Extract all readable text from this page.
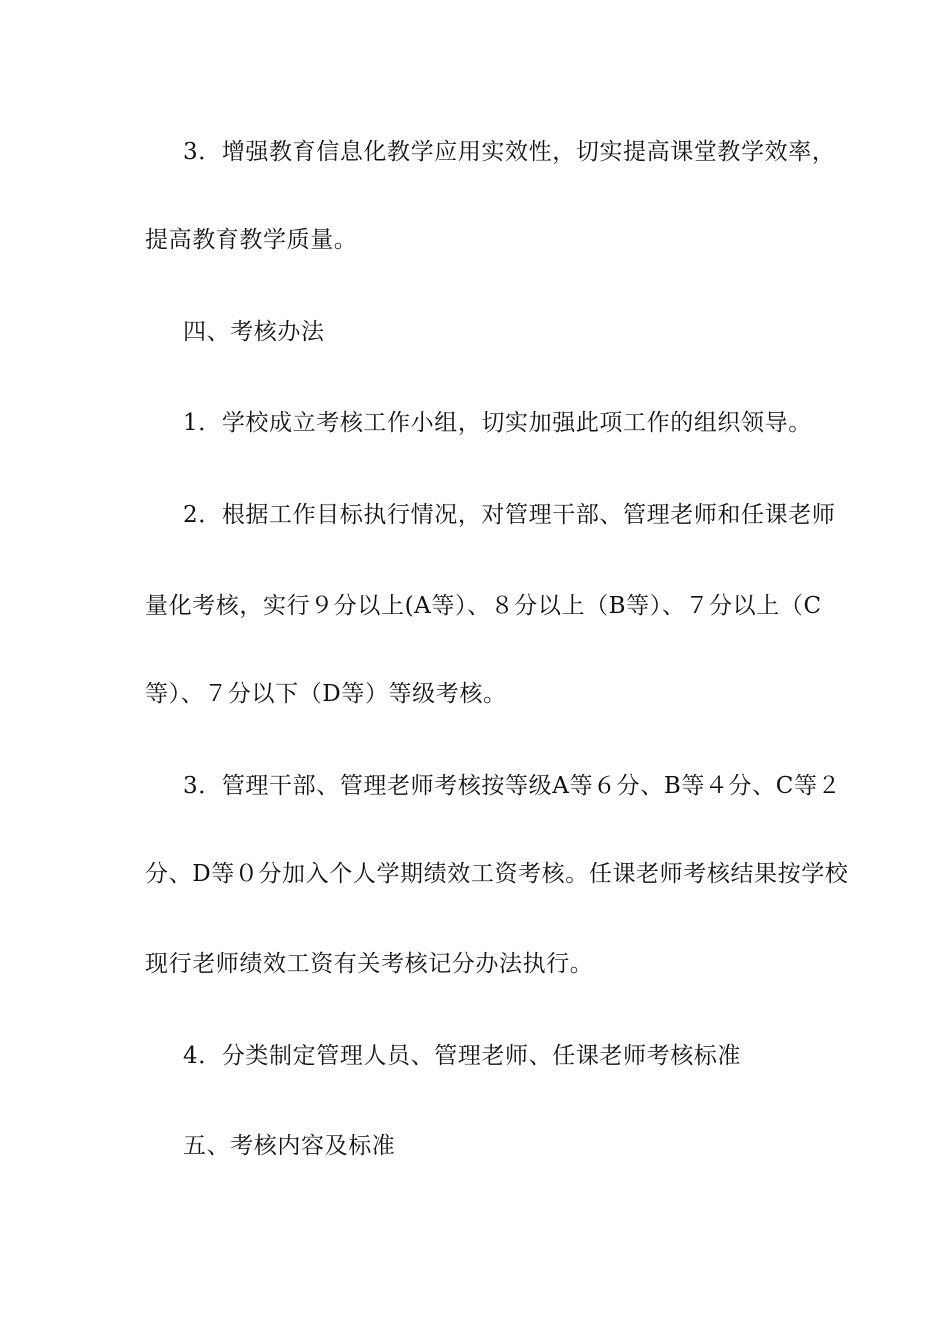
3．增强教育信息化教学应用实效性，切实提高课堂教学效率，
提高教育教学质量。
四、考核办法
1．学校成立考核工作小组，切实加强此项工作的组织领导。
2．根据工作目标执行情况，对管理干部、管理老师和任课老师
量化考核，实行９分以上(A等）、８分以上（B等）、７分以上（C
等）、７分以下（D等）等级考核。
3．管理干部、管理老师考核按等级A等６分、B等４分、C等２
分、D等０分加入个人学期绩效工资考核。任课老师考核结果按学校
现行老师绩效工资有关考核记分办法执行。
4．分类制定管理人员、管理老师、任课老师考核标准
五、考核内容及标准
